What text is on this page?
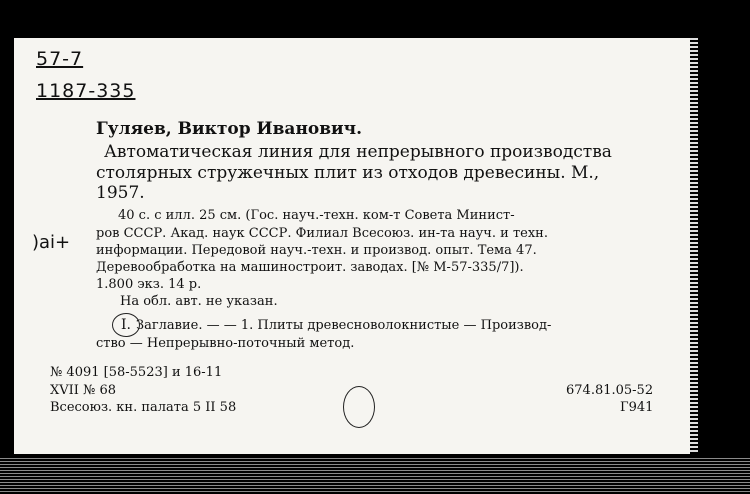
57-7
1187-335
)ai+
Гуляев, Виктор Иванович.
Автоматическая линия для непрерывного производства
столярных стружечных плит из отходов древесины. М.,
1957.
40 с. с илл. 25 см. (Гос. науч.-техн. ком-т Совета Минист-
ров СССР. Акад. наук СССР. Филиал Всесоюз. ин-та науч. и техн.
информации. Передовой науч.-техн. и производ. опыт. Тема 47.
Деревообработка на машиностроит. заводах. [№ М-57-335/7]).
1.800 экз. 14 р.
На обл. авт. не указан.
I. Заглавие. — — 1. Плиты древесноволокнистые — Производ-
ство — Непрерывно-поточный метод.
№ 4091 [58-5523] и 16-11
XVII № 68
Всесоюз. кн. палата 5 II 58
674.81.05-52
Г941
